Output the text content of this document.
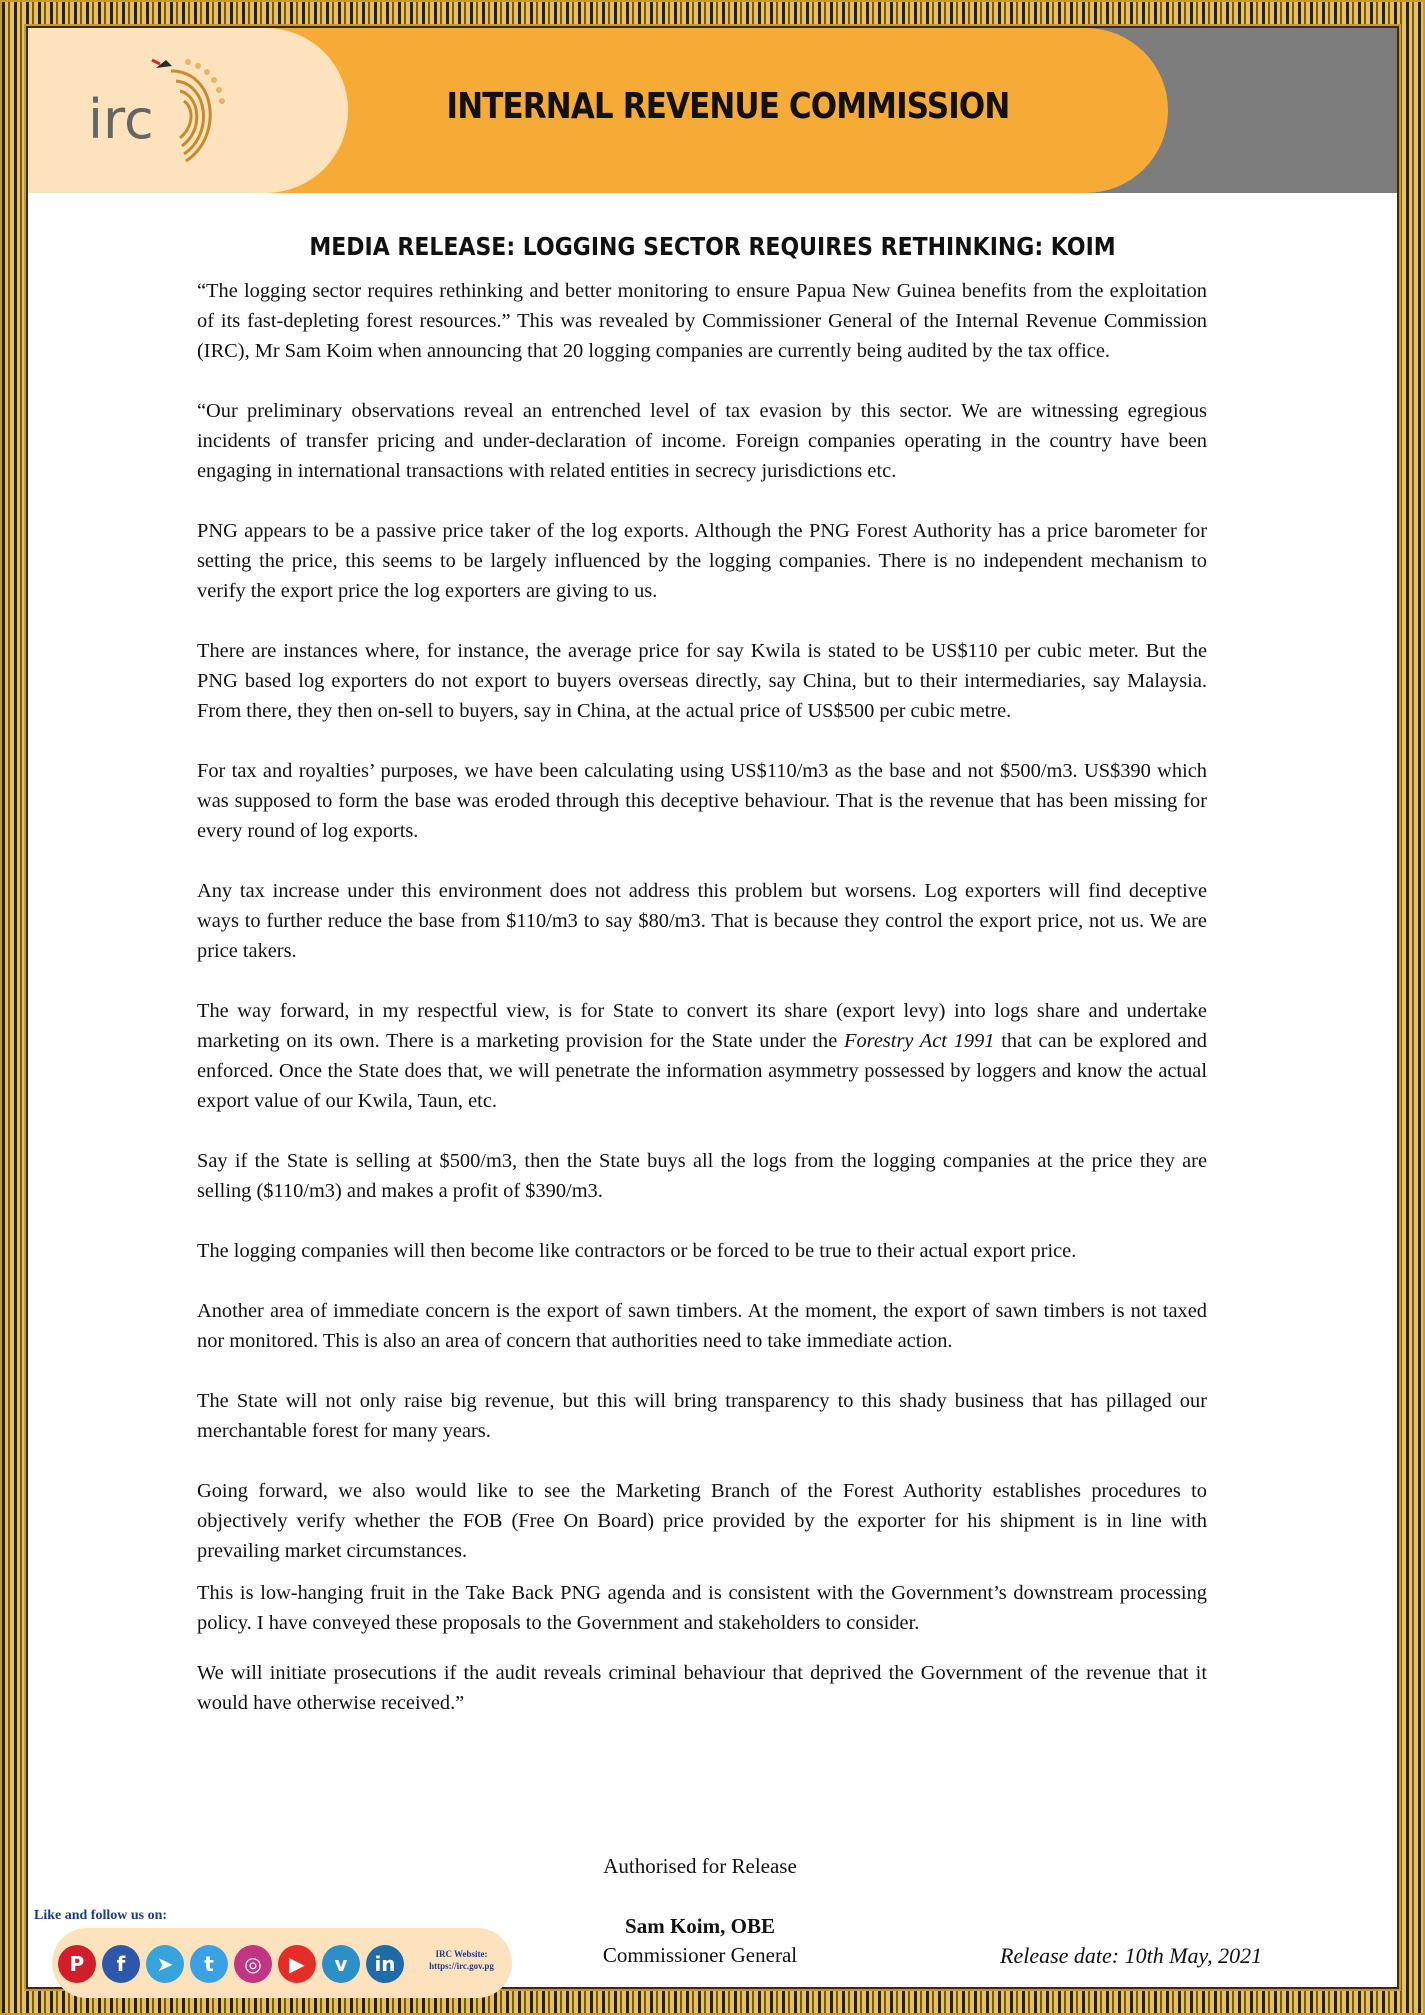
irc	INTERNAL REVENUE COMMISSION
MEDIA RELEASE: LOGGING SECTOR REQUIRES RETHINKING: KOIM

“The logging sector requires rethinking and better monitoring to ensure Papua New Guinea benefits from the exploitation of its fast-depleting forest resources.” This was revealed by Commissioner General of the Internal Revenue Commission (IRC), Mr Sam Koim when announcing that 20 logging companies are currently being audited by the tax office.

“Our preliminary observations reveal an entrenched level of tax evasion by this sector. We are witnessing egregious incidents of transfer pricing and under-declaration of income. Foreign companies operating in the country have been engaging in international transactions with related entities in secrecy jurisdictions etc.

PNG appears to be a passive price taker of the log exports. Although the PNG Forest Authority has a price barometer for setting the price, this seems to be largely influenced by the logging companies. There is no independent mechanism to verify the export price the log exporters are giving to us.

There are instances where, for instance, the average price for say Kwila is stated to be US$110 per cubic meter. But the PNG based log exporters do not export to buyers overseas directly, say China, but to their intermediaries, say Malaysia. From there, they then on-sell to buyers, say in China, at the actual price of US$500 per cubic metre.

For tax and royalties’ purposes, we have been calculating using US$110/m3 as the base and not $500/m3. US$390 which was supposed to form the base was eroded through this deceptive behaviour. That is the revenue that has been missing for every round of log exports.

Any tax increase under this environment does not address this problem but worsens. Log exporters will find deceptive ways to further reduce the base from $110/m3 to say $80/m3. That is because they control the export price, not us. We are price takers.

The way forward, in my respectful view, is for State to convert its share (export levy) into logs share and undertake marketing on its own. There is a marketing provision for the State under the Forestry Act 1991 that can be explored and enforced. Once the State does that, we will penetrate the information asymmetry possessed by loggers and know the actual export value of our Kwila, Taun, etc.

Say if the State is selling at $500/m3, then the State buys all the logs from the logging companies at the price they are selling ($110/m3) and makes a profit of $390/m3.

The logging companies will then become like contractors or be forced to be true to their actual export price.

Another area of immediate concern is the export of sawn timbers. At the moment, the export of sawn timbers is not taxed nor monitored. This is also an area of concern that authorities need to take immediate action.

The State will not only raise big revenue, but this will bring transparency to this shady business that has pillaged our merchantable forest for many years.

Going forward, we also would like to see the Marketing Branch of the Forest Authority establishes procedures to objectively verify whether the FOB (Free On Board) price provided by the exporter for his shipment is in line with prevailing market circumstances.

This is low-hanging fruit in the Take Back PNG agenda and is consistent with the Government’s downstream processing policy. I have conveyed these proposals to the Government and stakeholders to consider.

We will initiate prosecutions if the audit reveals criminal behaviour that deprived the Government of the revenue that it would have otherwise received.”

Authorised for Release
Sam Koim, OBE
Commissioner General	Release date: 10th May, 2021
Like and follow us on:
P	f	➤	t	◎	▶	v	in	IRC Website:
https://irc.gov.pg
